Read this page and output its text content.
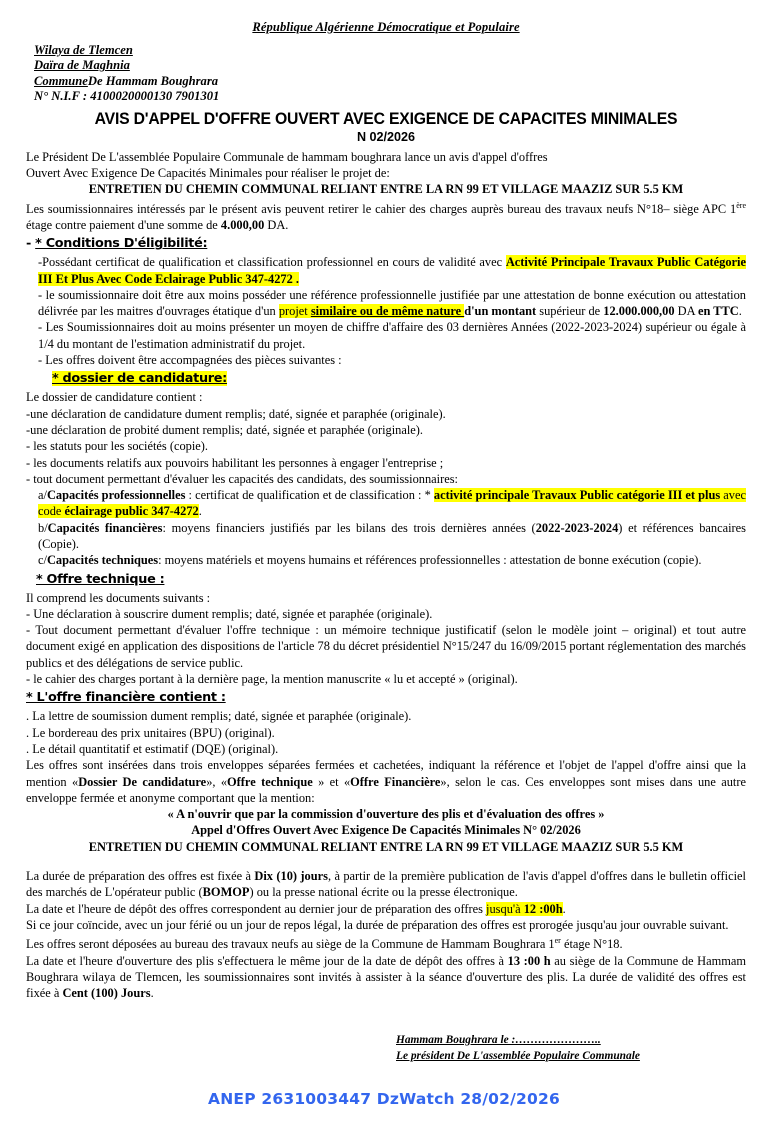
République Algérienne Démocratique et Populaire
Wilaya de Tlemcen
Daïra de Maghnia
CommuneDe Hammam Boughrara
N° N.I.F : 4100020000130 7901301
AVIS D'APPEL D'OFFRE OUVERT AVEC EXIGENCE DE CAPACITES MINIMALES
N 02/2026
Le Président De L'assemblée Populaire Communale de hammam boughrara lance un avis d'appel d'offres
Ouvert Avec Exigence De Capacités Minimales pour réaliser le projet de:
ENTRETIEN DU CHEMIN COMMUNAL RELIANT ENTRE LA RN 99 ET VILLAGE MAAZIZ SUR 5.5 KM
Les soumissionnaires intéressés par le présent avis peuvent retirer le cahier des charges auprès bureau des travaux neufs N°18– siège APC 1ère étage contre paiement d'une somme de 4.000,00 DA.
- * Conditions D'éligibilité:
-Possédant certificat de qualification et classification professionnel en cours de validité avec Activité Principale Travaux Public Catégorie III Et Plus Avec Code Eclairage Public 347-4272 .
- le soumissionnaire doit être aux moins posséder une référence professionnelle justifiée par une attestation de bonne exécution ou attestation délivrée par les maitres d'ouvrages étatique d'un projet similaire ou de même nature d'un montant supérieur de 12.000.000,00 DA en TTC.
- Les Soumissionnaires doit au moins présenter un moyen de chiffre d'affaire des 03 dernières Années (2022-2023-2024) supérieur ou égale à 1/4 du montant de l'estimation administratif du projet.
- Les offres doivent être accompagnées des pièces suivantes :
* dossier de candidature:
Le dossier de candidature contient :
-une déclaration de candidature dument remplis; daté, signée et paraphée (originale).
-une déclaration de probité dument remplis; daté, signée et paraphée (originale).
- les statuts pour les sociétés (copie).
- les documents relatifs aux pouvoirs habilitant les personnes à engager l'entreprise ;
- tout document permettant d'évaluer les capacités des candidats, des soumissionnaires:
a/Capacités professionnelles : certificat de qualification et de classification : * activité principale Travaux Public catégorie III et plus avec code éclairage public 347-4272.
b/Capacités financières: moyens financiers justifiés par les bilans des trois dernières années (2022-2023-2024) et références bancaires (Copie).
c/Capacités techniques: moyens matériels et moyens humains et références professionnelles : attestation de bonne exécution (copie).
* Offre technique :
Il comprend les documents suivants :
- Une déclaration à souscrire dument remplis; daté, signée et paraphée (originale).
- Tout document permettant d'évaluer l'offre technique : un mémoire technique justificatif (selon le modèle joint – original) et tout autre document exigé en application des dispositions de l'article 78 du décret présidentiel N°15/247 du 16/09/2015 portant réglementation des marchés publics et des délégations de service public.
- le cahier des charges portant à la dernière page, la mention manuscrite « lu et accepté » (original).
* L'offre financière contient :
. La lettre de soumission dument remplis; daté, signée et paraphée (originale).
. Le bordereau des prix unitaires (BPU) (original).
. Le détail quantitatif et estimatif (DQE) (original).
Les offres sont insérées dans trois enveloppes séparées fermées et cachetées, indiquant la référence et l'objet de l'appel d'offre ainsi que la mention «Dossier De candidature», «Offre technique » et «Offre Financière», selon le cas. Ces enveloppes sont mises dans une autre enveloppe fermée et anonyme comportant que la mention:
« A n'ouvrir que par la commission d'ouverture des plis et d'évaluation des offres »
Appel d'Offres Ouvert Avec Exigence De Capacités Minimales N° 02/2026
ENTRETIEN DU CHEMIN COMMUNAL RELIANT ENTRE LA RN 99 ET VILLAGE MAAZIZ SUR 5.5 KM
La durée de préparation des offres est fixée à Dix (10) jours, à partir de la première publication de l'avis d'appel d'offres dans le bulletin officiel des marchés de L'opérateur public (BOMOP) ou la presse national écrite ou la presse électronique.
La date et l'heure de dépôt des offres correspondent au dernier jour de préparation des offres jusqu'à 12 :00h.
Si ce jour coïncide, avec un jour férié ou un jour de repos légal, la durée de préparation des offres est prorogée jusqu'au jour ouvrable suivant.
Les offres seront déposées au bureau des travaux neufs au siège de la Commune de Hammam Boughrara 1er étage N°18.
La date et l'heure d'ouverture des plis s'effectuera le même jour de la date de dépôt des offres à 13 :00 h au siège de la Commune de Hammam Boughrara wilaya de Tlemcen, les soumissionnaires sont invités à assister à la séance d'ouverture des plis. La durée de validité des offres est fixée à Cent (100) Jours.
Hammam Boughrara le :…………………..
Le président De L'assemblée Populaire Communale
ANEP 2631003447 DzWatch 28/02/2026
